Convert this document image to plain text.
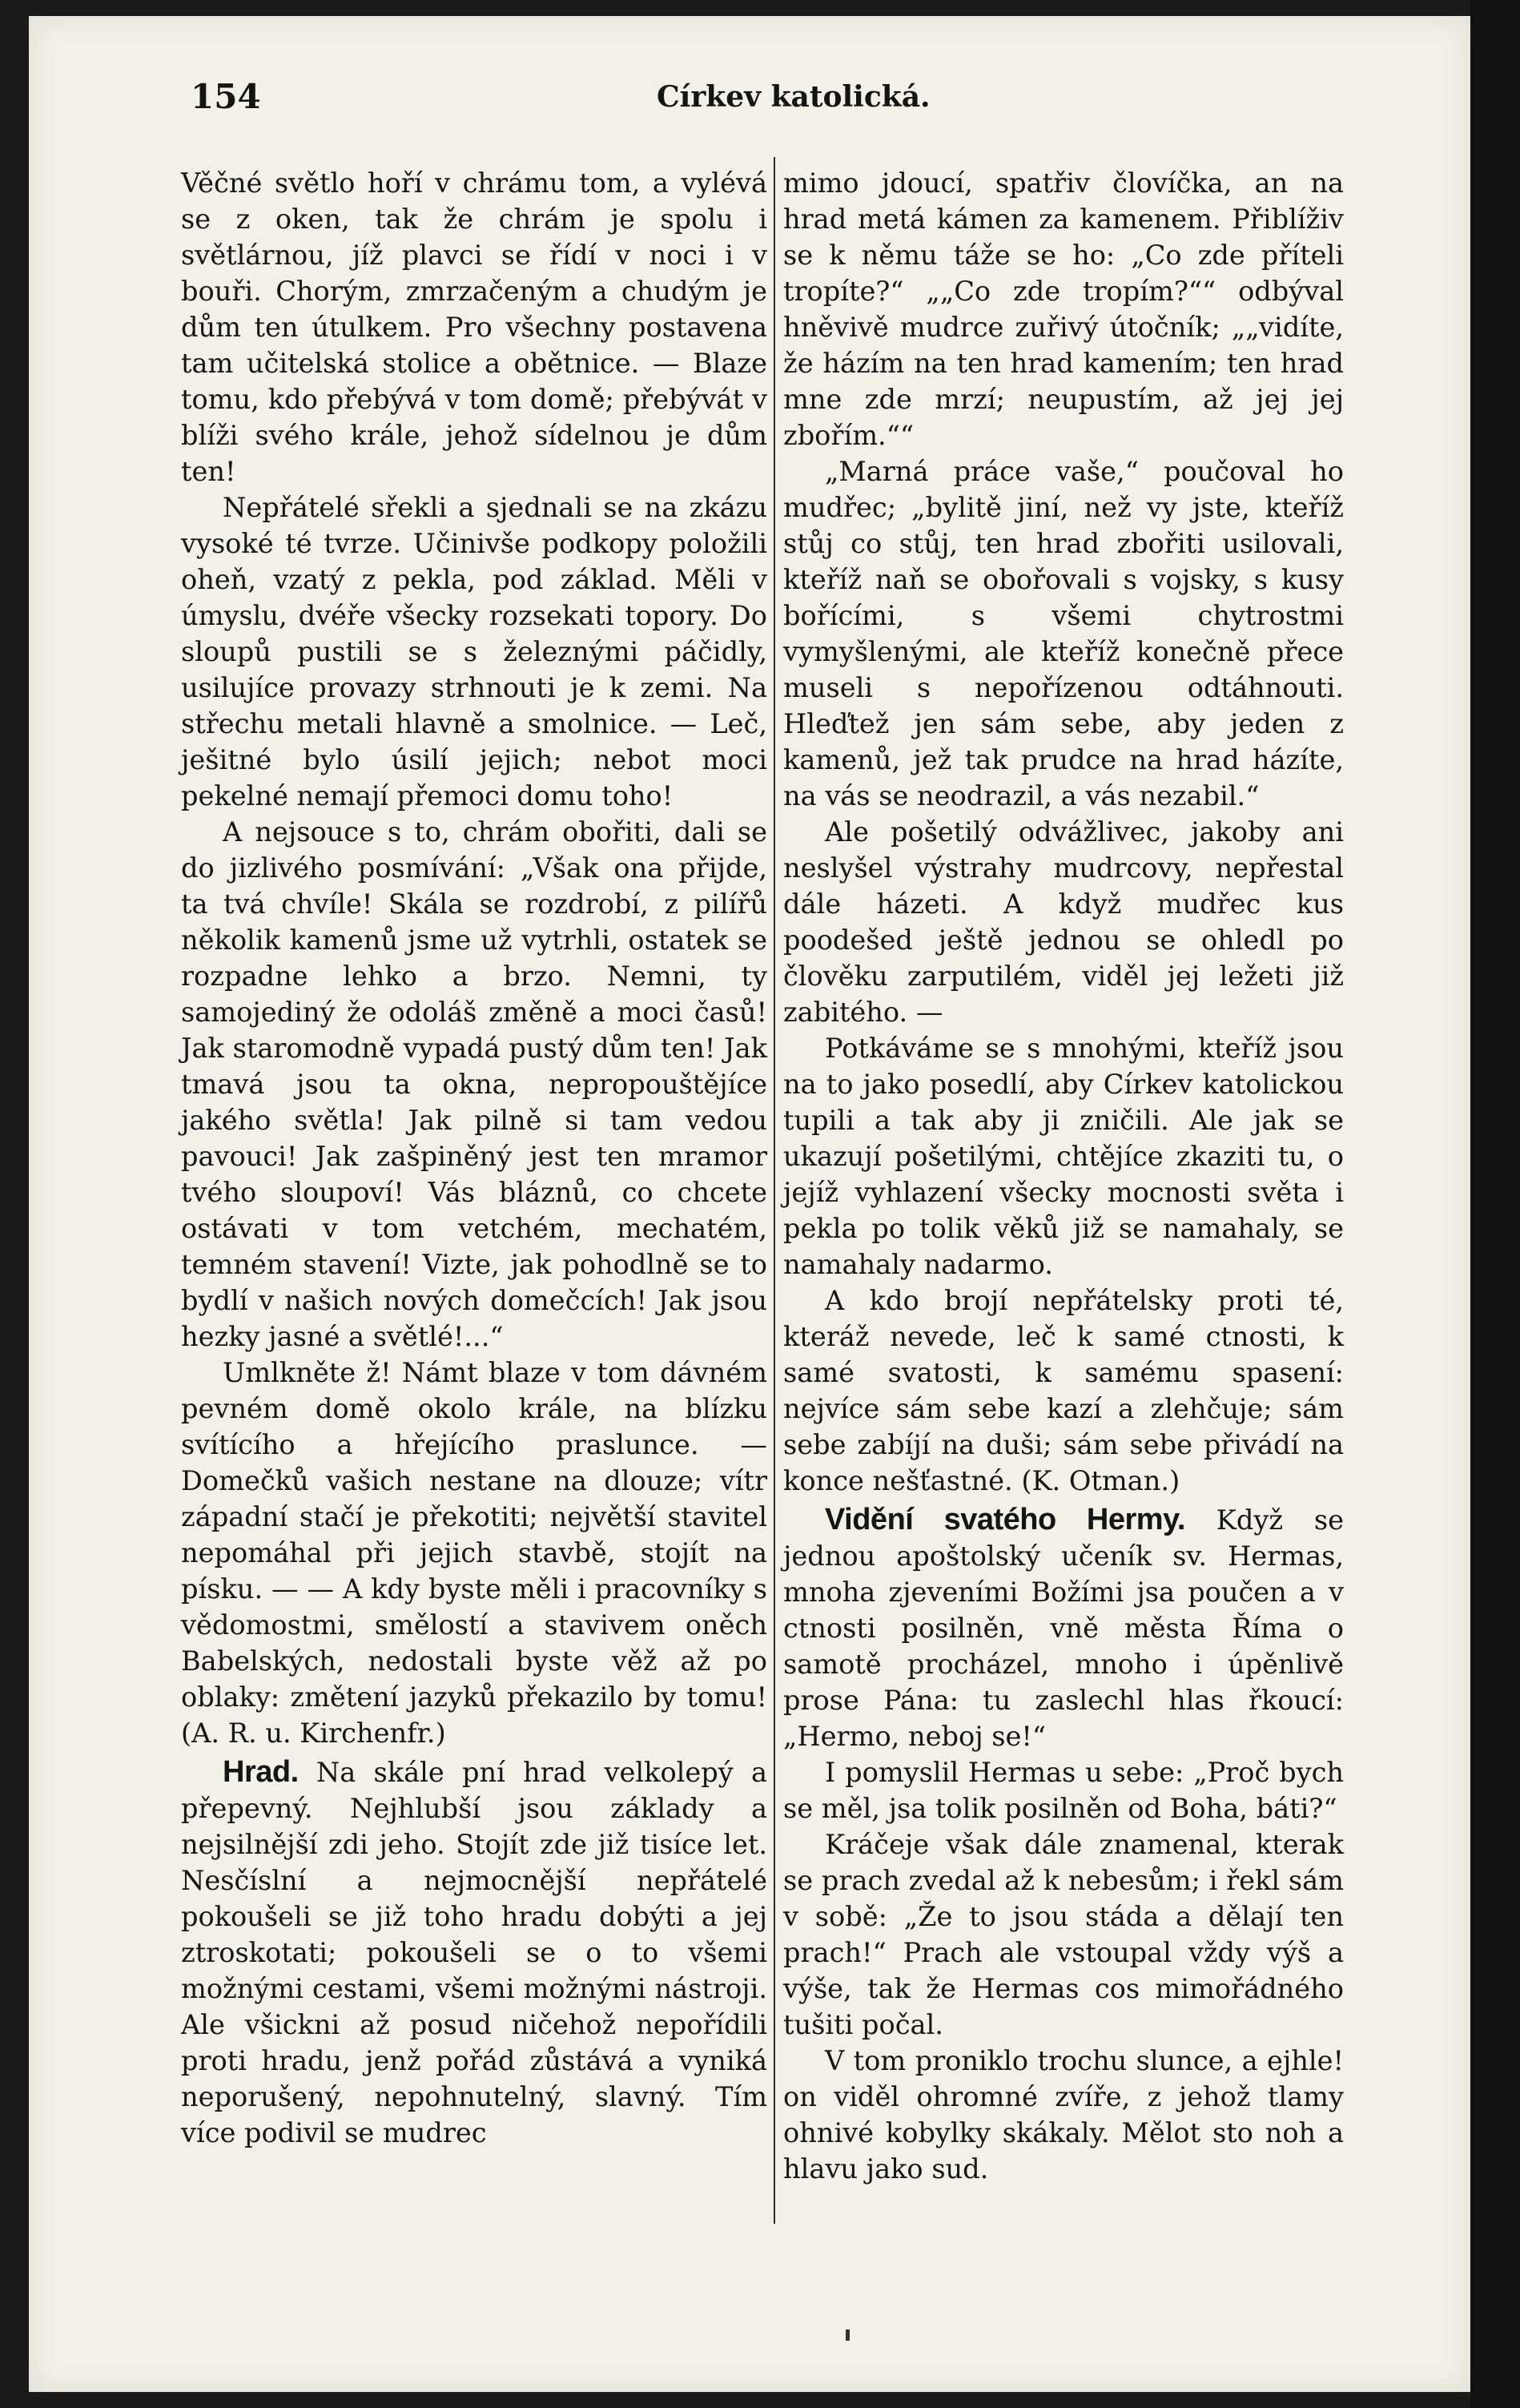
154	Církev katolická.

Věčné světlo hoří v chrámu tom, a vylévá se z oken, tak že chrám je spolu i světlárnou, jíž plavci se řídí v noci i v bouři. Chorým, zmrzačeným a chudým je dům ten útulkem. Pro všechny postavena tam učitelská stolice a obětnice. — Blaze tomu, kdo přebývá v tom domě; přebývát v blíži svého krále, jehož sídelnou je dům ten!

Nepřátelé sřekli a sjednali se na zkázu vysoké té tvrze. Učinivše podkopy položili oheň, vzatý z pekla, pod základ. Měli v úmyslu, dvéře všecky rozsekati topory. Do sloupů pustili se s železnými páčidly, usilujíce provazy strhnouti je k zemi. Na střechu metali hlavně a smolnice. — Leč, ješitné bylo úsilí jejich; nebot moci pekelné nemají přemoci domu toho!

A nejsouce s to, chrám obořiti, dali se do jizlivého posmívání: „Však ona přijde, ta tvá chvíle! Skála se rozdrobí, z pilířů několik kamenů jsme už vytrhli, ostatek se rozpadne lehko a brzo. Nemni, ty samojediný že odoláš změně a moci časů! Jak staromodně vypadá pustý dům ten! Jak tmavá jsou ta okna, nepropouštějíce jakého světla! Jak pilně si tam vedou pavouci! Jak zašpiněný jest ten mramor tvého sloupoví! Vás bláznů, co chcete ostávati v tom vetchém, mechatém, temném stavení! Vizte, jak pohodlně se to bydlí v našich nových domečcích! Jak jsou hezky jasné a světlé!...“

Umlkněte ž! Námt blaze v tom dávném pevném domě okolo krále, na blízku svítícího a hřejícího praslunce. — Domečků vašich nestane na dlouze; vítr západní stačí je překotiti; největší stavitel nepomáhal při jejich stavbě, stojít na písku. — — A kdy byste měli i pracovníky s vědomostmi, smělostí a stavivem oněch Babelských, nedostali byste věž až po oblaky: změtení jazyků překazilo by tomu! (A. R. u. Kirchenfr.)

Hrad. Na skále pní hrad velkolepý a přepevný. Nejhlubší jsou základy a nejsilnější zdi jeho. Stojít zde již tisíce let. Nesčíslní a nejmocnější nepřátelé pokoušeli se již toho hradu dobýti a jej ztroskotati; pokoušeli se o to všemi možnými cestami, všemi možnými nástroji. Ale všickni až posud ničehož nepořídili proti hradu, jenž pořád zůstává a vyniká neporušený, nepohnutelný, slavný. Tím více podivil se mudrec

mimo jdoucí, spatřiv človíčka, an na hrad metá kámen za kamenem. Přiblíživ se k němu táže se ho: „Co zde příteli tropíte?“ „„Co zde tropím?““ odbýval hněvivě mudrce zuřivý útočník; „„vidíte, že házím na ten hrad kamením; ten hrad mne zde mrzí; neupustím, až jej jej zbořím.““

„Marná práce vaše,“ poučoval ho mudřec; „bylitě jiní, než vy jste, kteříž stůj co stůj, ten hrad zbořiti usilovali, kteříž naň se obořovali s vojsky, s kusy bořícími, s všemi chytrostmi vymyšlenými, ale kteříž konečně přece museli s nepořízenou odtáhnouti. Hleďtež jen sám sebe, aby jeden z kamenů, jež tak prudce na hrad házíte, na vás se neodrazil, a vás nezabil.“

Ale pošetilý odvážlivec, jakoby ani neslyšel výstrahy mudrcovy, nepřestal dále házeti. A když mudřec kus poodešed ještě jednou se ohledl po člověku zarputilém, viděl jej ležeti již zabitého. —

Potkáváme se s mnohými, kteříž jsou na to jako posedlí, aby Církev katolickou tupili a tak aby ji zničili. Ale jak se ukazují pošetilými, chtějíce zkaziti tu, o jejíž vyhlazení všecky mocnosti světa i pekla po tolik věků již se namahaly, se namahaly nadarmo.

A kdo brojí nepřátelsky proti té, kteráž nevede, leč k samé ctnosti, k samé svatosti, k samému spasení: nejvíce sám sebe kazí a zlehčuje; sám sebe zabíjí na duši; sám sebe přivádí na konce nešťastné. (K. Otman.)

Vidění svatého Hermy. Když se jednou apoštolský učeník sv. Hermas, mnoha zjeveními Božími jsa poučen a v ctnosti posilněn, vně města Říma o samotě procházel, mnoho i úpěnlivě prose Pána: tu zaslechl hlas řkoucí: „Hermo, neboj se!“

I pomyslil Hermas u sebe: „Proč bych se měl, jsa tolik posilněn od Boha, báti?“

Kráčeje však dále znamenal, kterak se prach zvedal až k nebesům; i řekl sám v sobě: „Že to jsou stáda a dělají ten prach!“ Prach ale vstoupal vždy výš a výše, tak že Hermas cos mimořádného tušiti počal.

V tom proniklo trochu slunce, a ejhle! on viděl ohromné zvíře, z jehož tlamy ohnivé kobylky skákaly. Mělot sto noh a hlavu jako sud.
